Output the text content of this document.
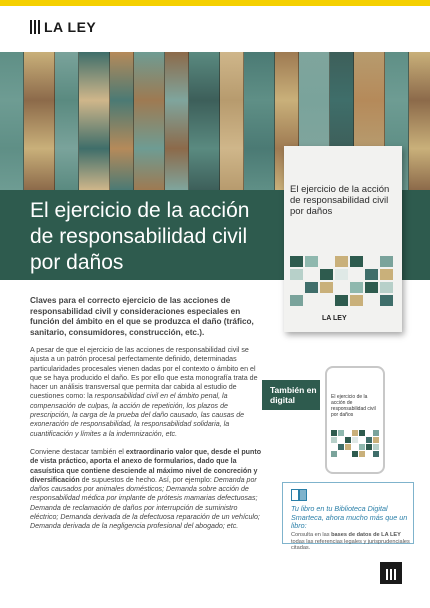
LA LEY
El ejercicio de la acción de responsabilidad civil por daños
El ejercicio de la acción de responsabilidad civil por daños
LA LEY

Claves para el correcto ejercicio de las acciones de responsabilidad civil y consideraciones especiales en función del ámbito en el que se produzca el daño (tráfico, sanitario, consumidores, construcción, etc.).

A pesar de que el ejercicio de las acciones de responsabilidad civil se ajusta a un patrón procesal perfectamente definido, determinadas particularidades procesales vienen dadas por el contexto o ámbito en el que se haya producido el daño. Es por ello que esta monografía trata de hacer un análisis transversal que permita dar cabida al estudio de cuestiones como: la responsabilidad civil en el ámbito penal, la compensación de culpas, la acción de repetición, los plazos de prescripción, la carga de la prueba del daño causado, las causas de exoneración de responsabilidad, la responsabilidad solidaria, la cuantificación y límites a la indemnización, etc.

Conviene destacar también el extraordinario valor que, desde el punto de vista práctico, aporta el anexo de formularios, dado que la casuística que contiene desciende al máximo nivel de concreción y diversificación de supuestos de hecho. Así, por ejemplo: Demanda por daños causados por animales domésticos; Demanda sobre acción de responsabilidad médica por implante de prótesis mamarias defectuosas; Demanda de reclamación de daños por interrupción de suministro eléctrico; Demanda derivada de la defectuosa reparación de un vehículo; Demanda derivada de la negligencia profesional del abogado; etc.

También en digital	El ejercicio de la acción de responsabilidad civil por daños
Tu libro en tu Biblioteca Digital Smarteca, ahora mucho más que un libro:
Consulta en las bases de datos de LA LEY todas las referencias legales y jurisprudenciales citadas.
